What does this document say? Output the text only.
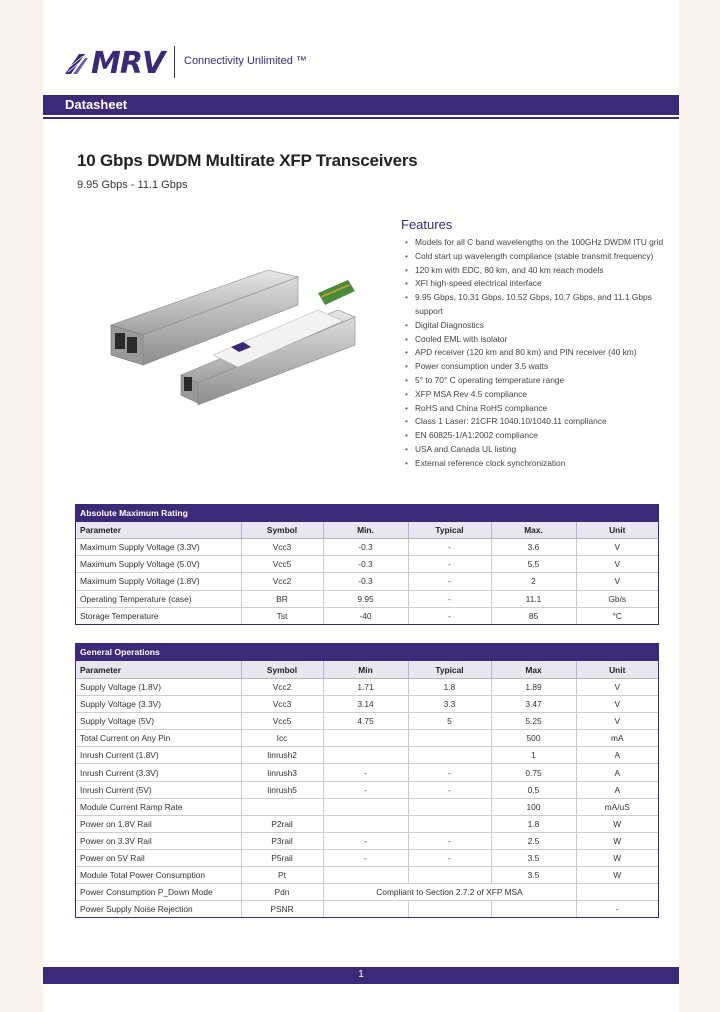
MRV Connectivity Unlimited ™
Datasheet
10 Gbps DWDM Multirate XFP Transceivers
9.95 Gbps - 11.1 Gbps
Features
• Models for all C band wavelengths on the 100GHz DWDM ITU grid
• Cold start up wavelength compliance (stable transmit frequency)
• 120 km with EDC, 80 km, and 40 km reach models
• XFI high-speed electrical interface
• 9.95 Gbps, 10.31 Gbps, 10.52 Gbps, 10.7 Gbps, and 11.1 Gbps support
• Digital Diagnostics
• Cooled EML with isolator
• APD receiver (120 km and 80 km) and PIN receiver (40 km)
• Power consumption under 3.5 watts
• 5° to 70° C operating temperature range
• XFP MSA Rev 4.5 compliance
• RoHS and China RoHS compliance
• Class 1 Laser: 21CFR 1040.10/1040.11 compliance
• EN 60825-1/A1:2002 compliance
• USA and Canada UL listing
• External reference clock synchronization
Absolute Maximum Rating
Parameter	Symbol	Min.	Typical	Max.	Unit
Maximum Supply Voltage (3.3V)	Vcc3	-0.3	-	3.6	V
Maximum Supply Voltage (5.0V)	Vcc5	-0.3	-	5.5	V
Maximum Supply Voltage (1.8V)	Vcc2	-0.3	-	2	V
Operating Temperature (case)	BR	9.95	-	11.1	Gb/s
Storage Temperature	Tst	-40	-	85	°C
General Operations
Parameter	Symbol	Min	Typical	Max	Unit
Supply Voltage (1.8V)	Vcc2	1.71	1.8	1.89	V
Supply Voltage (3.3V)	Vcc3	3.14	3.3	3.47	V
Supply Voltage (5V)	Vcc5	4.75	5	5.25	V
Total Current on Any Pin	Icc			500	mA
Inrush Current (1.8V)	Iinrush2			1	A
Inrush Current (3.3V)	Iinrush3	-	-	0.75	A
Inrush Current (5V)	Iinrush5	-	-	0.5	A
Module Current Ramp Rate				100	mA/uS
Power on 1.8V Rail	P2rail			1.8	W
Power on 3.3V Rail	P3rail	-	-	2.5	W
Power on 5V Rail	P5rail	-	-	3.5	W
Module Total Power Consumption	Pt			3.5	W
Power Consumption P_Down Mode	Pdn	Compliant to Section 2.7.2 of XFP MSA			
Power Supply Noise Rejection	PSNR				-
1
